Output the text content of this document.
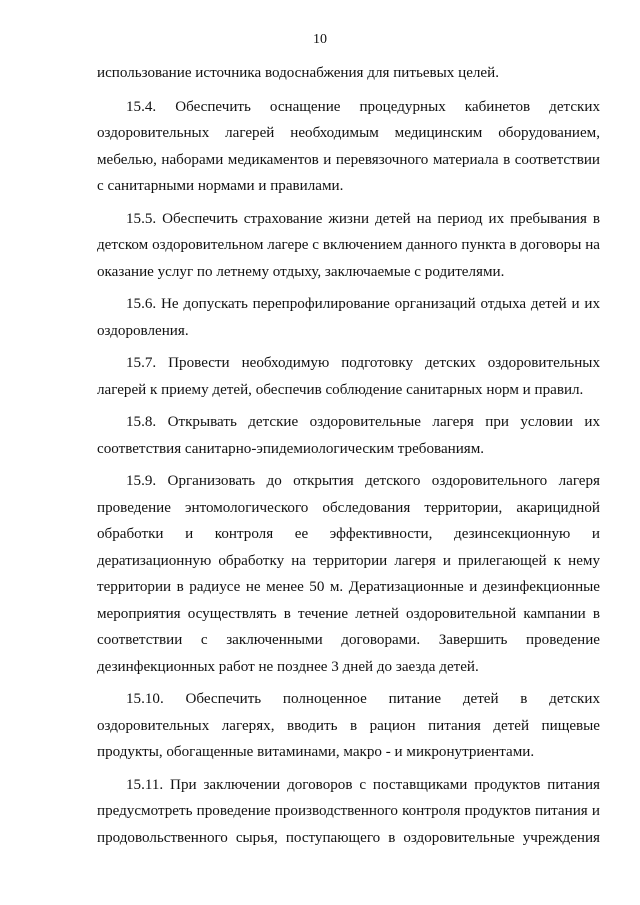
10

использование источника водоснабжения для питьевых целей.

15.4. Обеспечить оснащение процедурных кабинетов детских оздоровительных лагерей необходимым медицинским оборудованием, мебелью, наборами медикаментов и перевязочного материала в соответствии с санитарными нормами и правилами.

15.5. Обеспечить страхование жизни детей на период их пребывания в детском оздоровительном лагере с включением данного пункта в договоры на оказание услуг по летнему отдыху, заключаемые с родителями.

15.6. Не допускать перепрофилирование организаций отдыха детей и их оздоровления.

15.7. Провести необходимую подготовку детских оздоровительных лагерей к приему детей, обеспечив соблюдение санитарных норм и правил.

15.8. Открывать детские оздоровительные лагеря при условии их соответствия санитарно-эпидемиологическим требованиям.

15.9. Организовать до открытия детского оздоровительного лагеря проведение энтомологического обследования территории, акарицидной обработки и контроля ее эффективности, дезинсекционную и дератизационную обработку на территории лагеря и прилегающей к нему территории в радиусе не менее 50 м. Дератизационные и дезинфекционные мероприятия осуществлять в течение летней оздоровительной кампании в соответствии с заключенными договорами. Завершить проведение дезинфекционных работ не позднее 3 дней до заезда детей.

15.10. Обеспечить полноценное питание детей в детских оздоровительных лагерях, вводить в рацион питания детей пищевые продукты, обогащенные витаминами, макро - и микронутриентами.

15.11. При заключении договоров с поставщиками продуктов питания предусмотреть проведение производственного контроля продуктов питания и продовольственного сырья, поступающего в оздоровительные учреждения
